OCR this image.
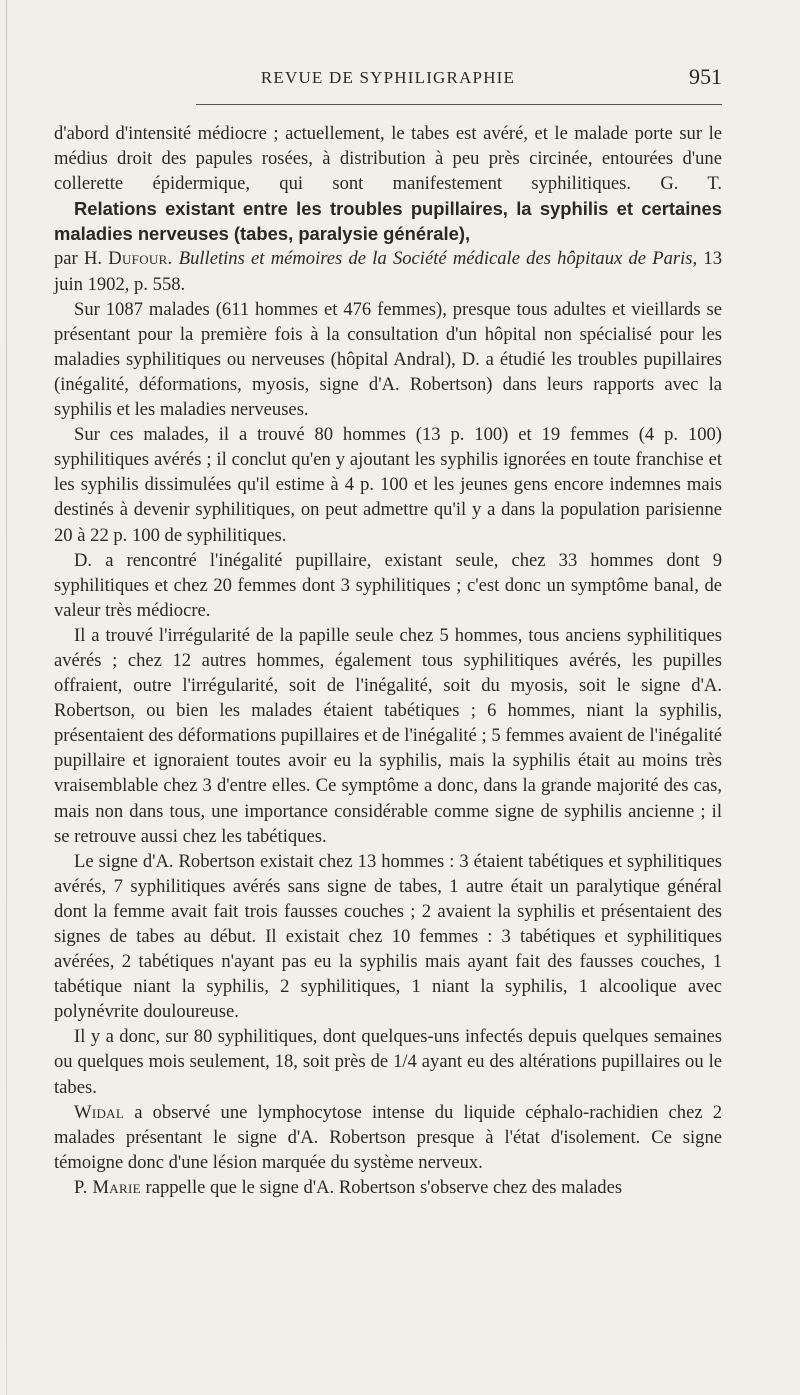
REVUE DE SYPHILIGRAPHIE	951

d'abord d'intensité médiocre ; actuellement, le tabes est avéré, et le malade porte sur le médius droit des papules rosées, à distribution à peu près circinée, entourées d'une collerette épidermique, qui sont manifestement syphilitiques. G. T.

Relations existant entre les troubles pupillaires, la syphilis et certaines maladies nerveuses (tabes, paralysie générale),

par H. Dufour. Bulletins et mémoires de la Société médicale des hôpitaux de Paris, 13 juin 1902, p. 558.

Sur 1087 malades (611 hommes et 476 femmes), presque tous adultes et vieillards se présentant pour la première fois à la consultation d'un hôpital non spécialisé pour les maladies syphilitiques ou nerveuses (hôpital Andral), D. a étudié les troubles pupillaires (inégalité, déformations, myosis, signe d'A. Robertson) dans leurs rapports avec la syphilis et les maladies nerveuses.

Sur ces malades, il a trouvé 80 hommes (13 p. 100) et 19 femmes (4 p. 100) syphilitiques avérés ; il conclut qu'en y ajoutant les syphilis ignorées en toute franchise et les syphilis dissimulées qu'il estime à 4 p. 100 et les jeunes gens encore indemnes mais destinés à devenir syphilitiques, on peut admettre qu'il y a dans la population parisienne 20 à 22 p. 100 de syphilitiques.

D. a rencontré l'inégalité pupillaire, existant seule, chez 33 hommes dont 9 syphilitiques et chez 20 femmes dont 3 syphilitiques ; c'est donc un symptôme banal, de valeur très médiocre.

Il a trouvé l'irrégularité de la papille seule chez 5 hommes, tous anciens syphilitiques avérés ; chez 12 autres hommes, également tous syphilitiques avérés, les pupilles offraient, outre l'irrégularité, soit de l'inégalité, soit du myosis, soit le signe d'A. Robertson, ou bien les malades étaient tabétiques ; 6 hommes, niant la syphilis, présentaient des déformations pupillaires et de l'inégalité ; 5 femmes avaient de l'inégalité pupillaire et ignoraient toutes avoir eu la syphilis, mais la syphilis était au moins très vraisemblable chez 3 d'entre elles. Ce symptôme a donc, dans la grande majorité des cas, mais non dans tous, une importance considérable comme signe de syphilis ancienne ; il se retrouve aussi chez les tabétiques.

Le signe d'A. Robertson existait chez 13 hommes : 3 étaient tabétiques et syphilitiques avérés, 7 syphilitiques avérés sans signe de tabes, 1 autre était un paralytique général dont la femme avait fait trois fausses couches ; 2 avaient la syphilis et présentaient des signes de tabes au début. Il existait chez 10 femmes : 3 tabétiques et syphilitiques avérées, 2 tabétiques n'ayant pas eu la syphilis mais ayant fait des fausses couches, 1 tabétique niant la syphilis, 2 syphilitiques, 1 niant la syphilis, 1 alcoolique avec polynévrite douloureuse.

Il y a donc, sur 80 syphilitiques, dont quelques-uns infectés depuis quelques semaines ou quelques mois seulement, 18, soit près de 1/4 ayant eu des altérations pupillaires ou le tabes.

Widal a observé une lymphocytose intense du liquide céphalo-rachidien chez 2 malades présentant le signe d'A. Robertson presque à l'état d'isolement. Ce signe témoigne donc d'une lésion marquée du système nerveux.

P. Marie rappelle que le signe d'A. Robertson s'observe chez des malades
